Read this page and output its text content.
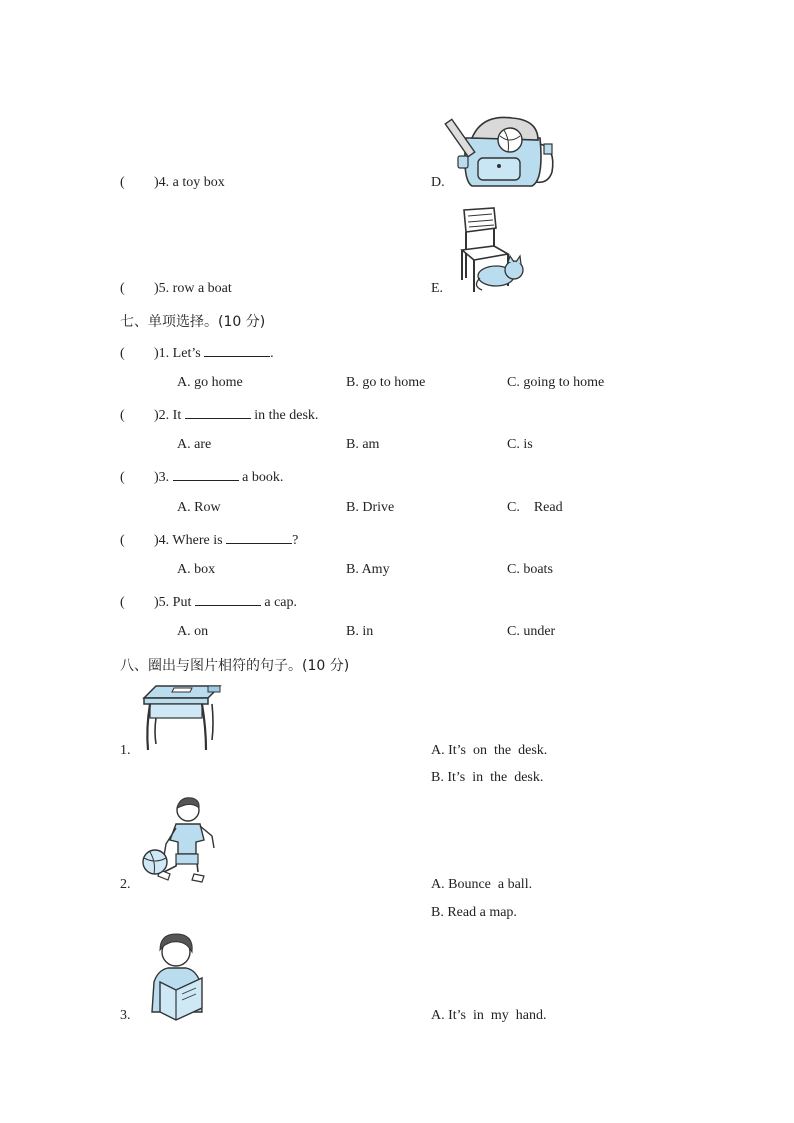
( )4. a toy box	D.
( )5. row a boat	E.
七、单项选择。(10 分)
( )1. Let’s	.
A. go home	B. go to home	C. going to home
( )2. It	in the desk.
A. are	B. am	C. is
( )3.	a book.
A. Row	B. Drive	C.    Read
( )4. Where is	?
A. box	B. Amy	C. boats
( )5. Put	a cap.
A. on	B. in	C. under
八、圈出与图片相符的句子。(10 分)
1.	A. It’s  on  the  desk.
B. It’s  in  the  desk.
2.	A. Bounce  a ball.
B. Read a map.
3.	A. It’s  in  my  hand.
